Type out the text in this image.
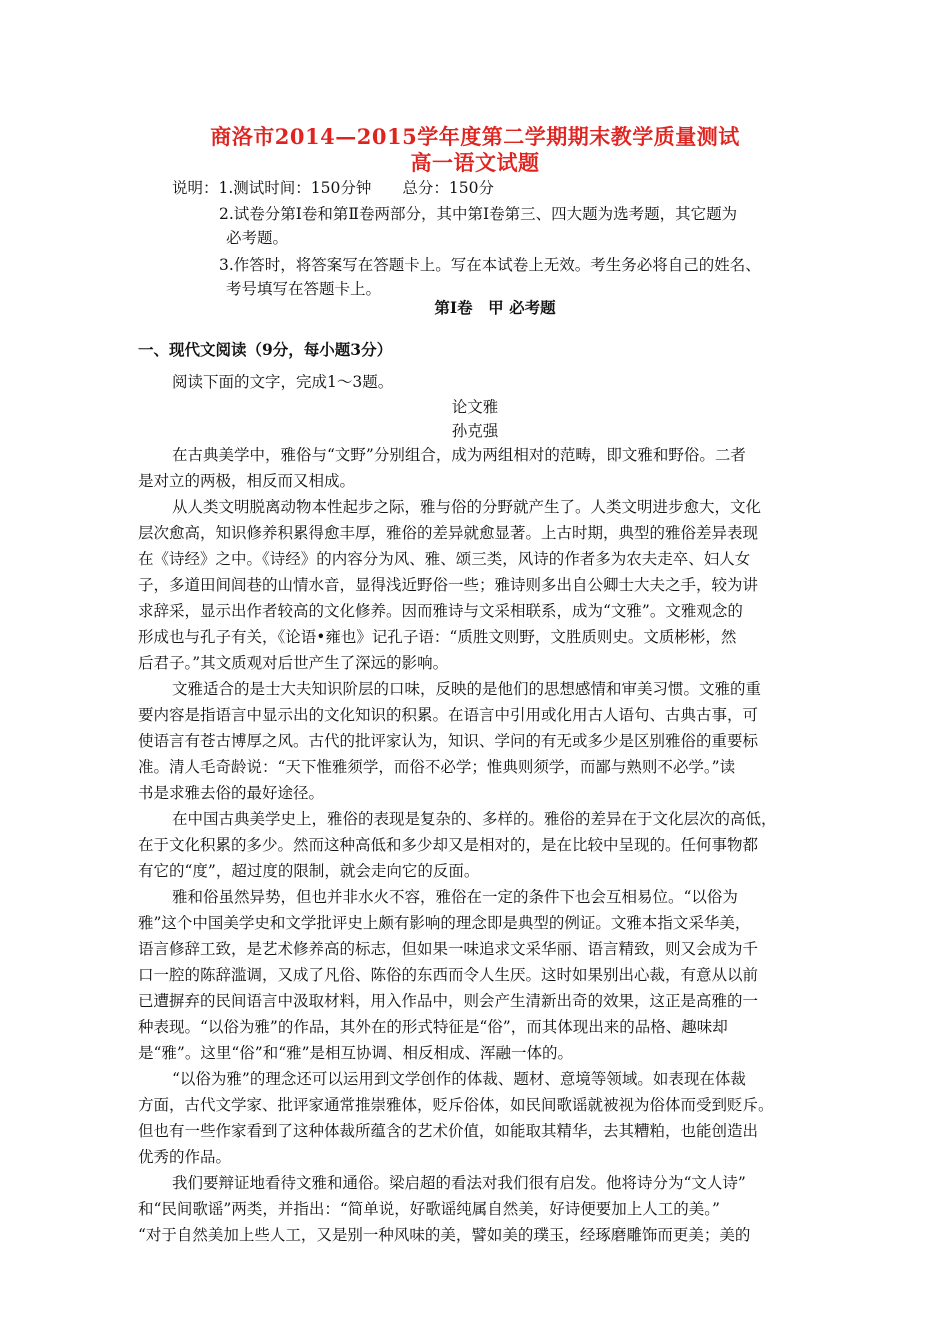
商洛市2014—2015学年度第二学期期末教学质量测试
高一语文试题
说明：1.测试时间：150分钟　　总分：150分
2.试卷分第Ⅰ卷和第Ⅱ卷两部分，其中第Ⅰ卷第三、四大题为选考题，其它题为
必考题。
3.作答时，将答案写在答题卡上。写在本试卷上无效。考生务必将自己的姓名、
考号填写在答题卡上。
第Ⅰ卷　甲 必考题
一、现代文阅读（9分，每小题3分）
阅读下面的文字，完成1～3题。
论文雅
孙克强
在古典美学中，雅俗与“文野”分别组合，成为两组相对的范畴，即文雅和野俗。二者
是对立的两极，相反而又相成。
从人类文明脱离动物本性起步之际，雅与俗的分野就产生了。人类文明进步愈大，文化
层次愈高，知识修养积累得愈丰厚，雅俗的差异就愈显著。上古时期，典型的雅俗差异表现
在《诗经》之中。《诗经》的内容分为风、雅、颂三类，风诗的作者多为农夫走卒、妇人女
子，多道田间闾巷的山情水音，显得浅近野俗一些；雅诗则多出自公卿士大夫之手，较为讲
求辞采，显示出作者较高的文化修养。因而雅诗与文采相联系，成为“文雅”。文雅观念的
形成也与孔子有关，《论语•雍也》记孔子语：“质胜文则野，文胜质则史。文质彬彬，然
后君子。”其文质观对后世产生了深远的影响。
文雅适合的是士大夫知识阶层的口味，反映的是他们的思想感情和审美习惯。文雅的重
要内容是指语言中显示出的文化知识的积累。在语言中引用或化用古人语句、古典古事，可
使语言有苍古博厚之风。古代的批评家认为，知识、学问的有无或多少是区别雅俗的重要标
准。清人毛奇龄说：“天下惟雅须学，而俗不必学；惟典则须学，而鄙与熟则不必学。”读
书是求雅去俗的最好途径。
在中国古典美学史上，雅俗的表现是复杂的、多样的。雅俗的差异在于文化层次的高低，
在于文化积累的多少。然而这种高低和多少却又是相对的，是在比较中呈现的。任何事物都
有它的“度”，超过度的限制，就会走向它的反面。
雅和俗虽然异势，但也并非水火不容，雅俗在一定的条件下也会互相易位。“以俗为
雅”这个中国美学史和文学批评史上颇有影响的理念即是典型的例证。文雅本指文采华美，
语言修辞工致，是艺术修养高的标志，但如果一味追求文采华丽、语言精致，则又会成为千
口一腔的陈辞滥调，又成了凡俗、陈俗的东西而令人生厌。这时如果别出心裁，有意从以前
已遭摒弃的民间语言中汲取材料，用入作品中，则会产生清新出奇的效果，这正是高雅的一
种表现。“以俗为雅”的作品，其外在的形式特征是“俗”，而其体现出来的品格、趣味却
是“雅”。这里“俗”和“雅”是相互协调、相反相成、浑融一体的。
“以俗为雅”的理念还可以运用到文学创作的体裁、题材、意境等领域。如表现在体裁
方面，古代文学家、批评家通常推崇雅体，贬斥俗体，如民间歌谣就被视为俗体而受到贬斥。
但也有一些作家看到了这种体裁所蕴含的艺术价值，如能取其精华，去其糟粕，也能创造出
优秀的作品。
我们要辩证地看待文雅和通俗。梁启超的看法对我们很有启发。他将诗分为“文人诗”
和“民间歌谣”两类，并指出：“简单说，好歌谣纯属自然美，好诗便要加上人工的美。”
“对于自然美加上些人工，又是别一种风味的美，譬如美的璞玉，经琢磨雕饰而更美；美的
